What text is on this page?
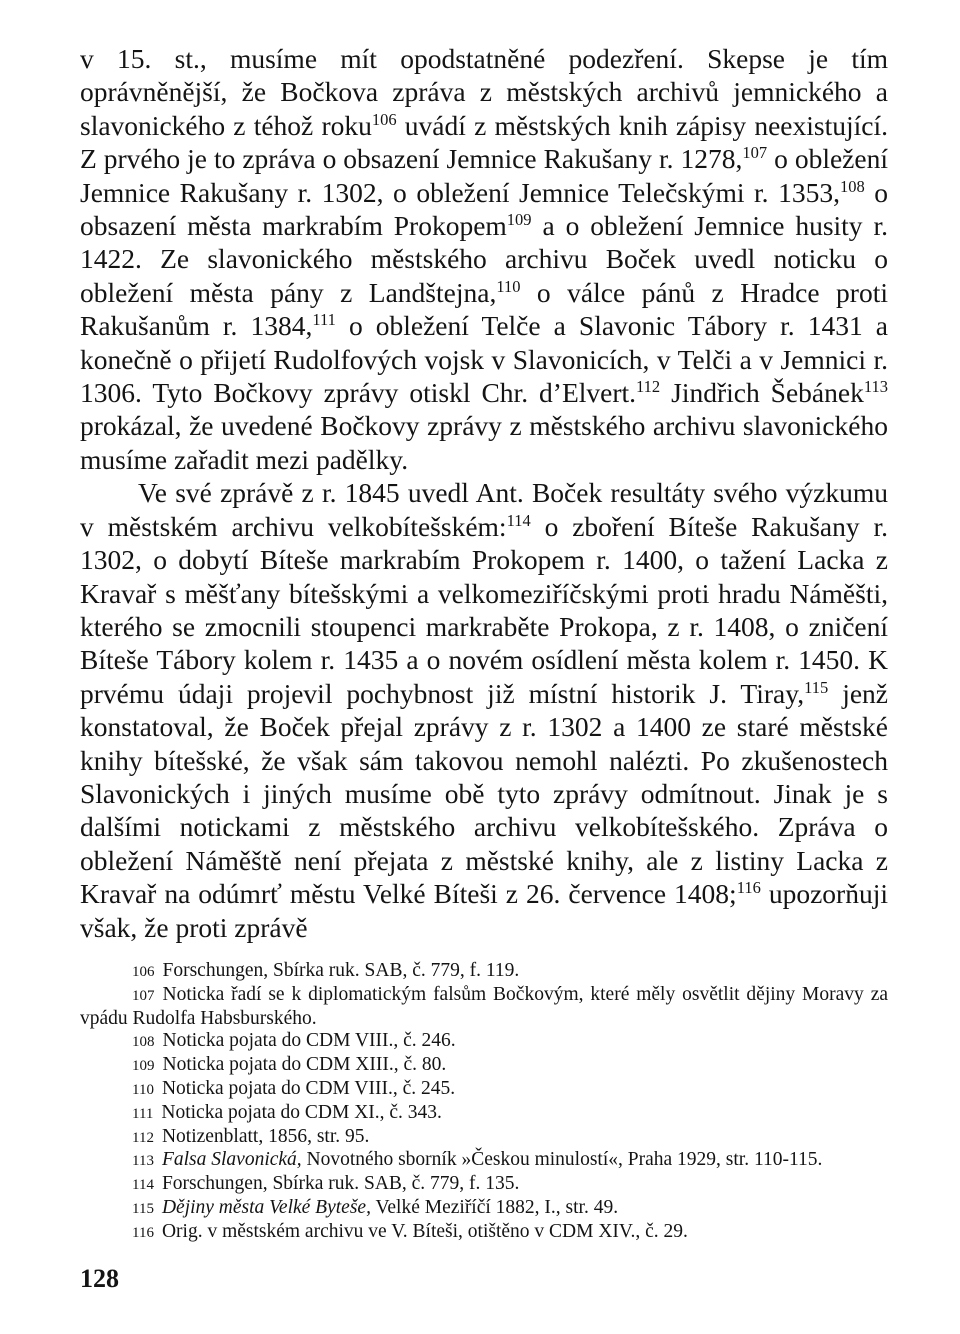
v 15. st., musíme mít opodstatněné podezření. Skepse je tím oprávněnější, že Bočkova zpráva z městských archivů jemnického a slavonického z téhož roku$^{106}$ uvádí z městských knih zápisy neexistující. Z prvého je to zpráva o obsazení Jemnice Rakušany r. 1278,$^{107}$ o obležení Jemnice Rakušany r. 1302, o obležení Jemnice Telečskými r. 1353,$^{108}$ o obsazení města markrabím Prokopem$^{109}$ a o obležení Jemnice husity r. 1422. Ze slavonického městského archivu Boček uvedl noticku o obležení města pány z Landštejna,$^{110}$ o válce pánů z Hradce proti Rakušanům r. 1384,$^{111}$ o obležení Telče a Slavonic Tábory r. 1431 a konečně o přijetí Rudolfových vojsk v Slavonicích, v Telči a v Jemnici r. 1306. Tyto Bočkovy zprávy otiskl Chr. d’Elvert.$^{112}$ Jindřich Šebánek$^{113}$ prokázal, že uvedené Bočkovy zprávy z městského archivu slavonického musíme zařadit mezi padělky.

Ve své zprávě z r. 1845 uvedl Ant. Boček resultáty svého výzkumu v městském archivu velkobítešském:$^{114}$ o zboření Bíteše Rakušany r. 1302, o dobytí Bíteše markrabím Prokopem r. 1400, o tažení Lacka z Kravař s měšťany bítešskými a velkomeziříčskými proti hradu Náměšti, kterého se zmocnili stoupenci markraběte Prokopa, z r. 1408, o zničení Bíteše Tábory kolem r. 1435 a o novém osídlení města kolem r. 1450. K prvému údaji projevil pochybnost již místní historik J. Tiray,$^{115}$ jenž konstatoval, že Boček přejal zprávy z r. 1302 a 1400 ze staré městské knihy bítešské, že však sám takovou nemohl nalézti. Po zkušenostech Slavonických i jiných musíme obě tyto zprávy odmítnout. Jinak je s dalšími notickami z městského archivu velkobítešského. Zpráva o obležení Náměště není přejata z městské knihy, ale z listiny Lacka z Kravař na odúmrť městu Velké Bíteši z 26. července 1408;$^{116}$ upozorňuji však, že proti zprávě

106 Forschungen, Sbírka ruk. SAB, č. 779, f. 119.

107 Noticka řadí se k diplomatickým falsům Bočkovým, které měly osvětlit dějiny Moravy za vpádu Rudolfa Habsburského.

108 Noticka pojata do CDM VIII., č. 246.

109 Noticka pojata do CDM XIII., č. 80.

110 Noticka pojata do CDM VIII., č. 245.

111 Noticka pojata do CDM XI., č. 343.

112 Notizenblatt, 1856, str. 95.

113 Falsa Slavonická, Novotného sborník »Českou minulostí«, Praha 1929, str. 110-115.

114 Forschungen, Sbírka ruk. SAB, č. 779, f. 135.

115 Dějiny města Velké Byteše, Velké Meziříčí 1882, I., str. 49.

116 Orig. v městském archivu ve V. Bíteši, otištěno v CDM XIV., č. 29.

128
